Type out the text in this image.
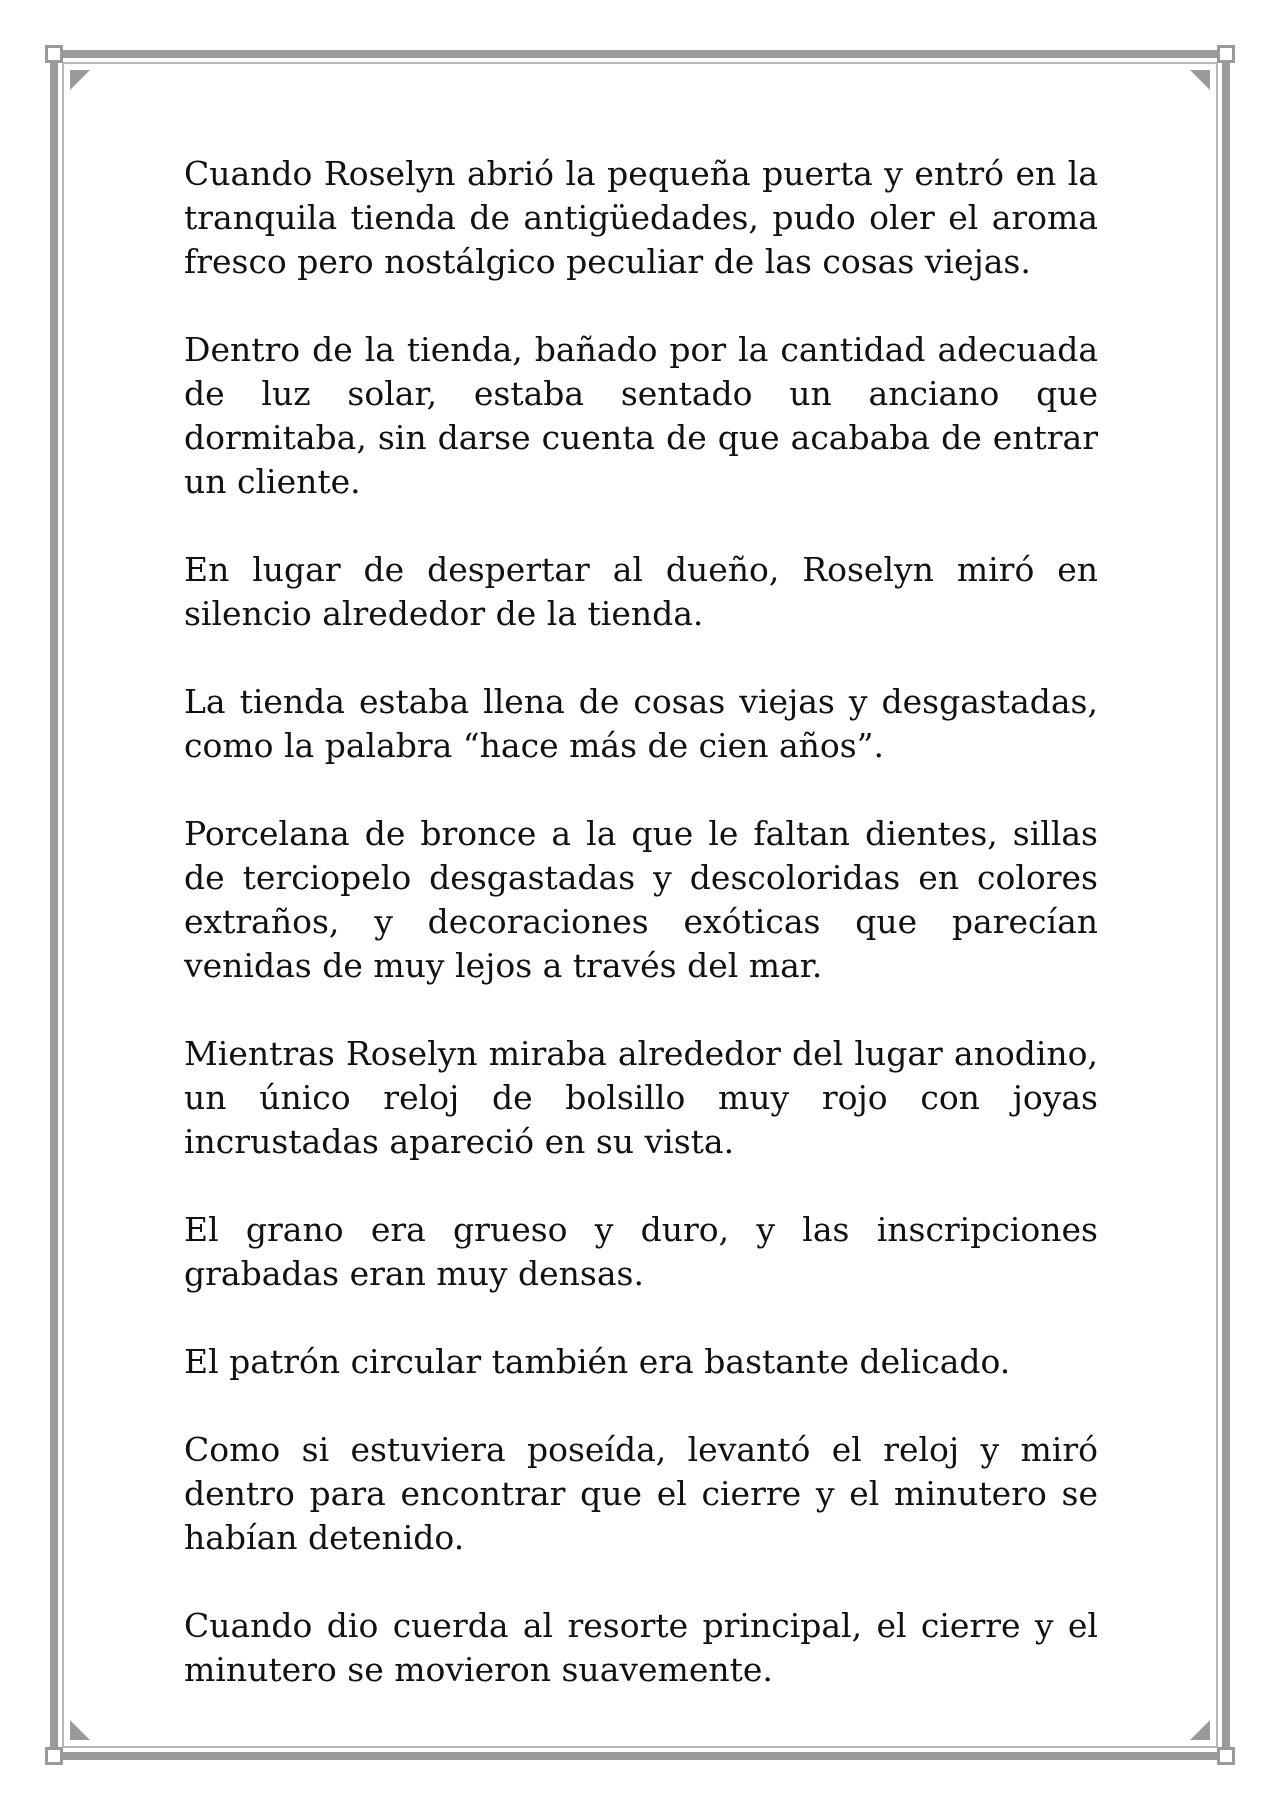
Cuando Roselyn abrió la pequeña puerta y entró en la tranquila tienda de antigüedades, pudo oler el aroma fresco pero nostálgico peculiar de las cosas viejas.

Dentro de la tienda, bañado por la cantidad adecuada de luz solar, estaba sentado un anciano que dormitaba, sin darse cuenta de que acababa de entrar un cliente.

En lugar de despertar al dueño, Roselyn miró en silencio alrededor de la tienda.

La tienda estaba llena de cosas viejas y desgastadas, como la palabra “hace más de cien años”.

Porcelana de bronce a la que le faltan dientes, sillas de terciopelo desgastadas y descoloridas en colores extraños, y decoraciones exóticas que parecían venidas de muy lejos a través del mar.

Mientras Roselyn miraba alrededor del lugar anodino, un único reloj de bolsillo muy rojo con joyas incrustadas apareció en su vista.

El grano era grueso y duro, y las inscripciones grabadas eran muy densas.

El patrón circular también era bastante delicado.

Como si estuviera poseída, levantó el reloj y miró dentro para encontrar que el cierre y el minutero se habían detenido.

Cuando dio cuerda al resorte principal, el cierre y el minutero se movieron suavemente.
